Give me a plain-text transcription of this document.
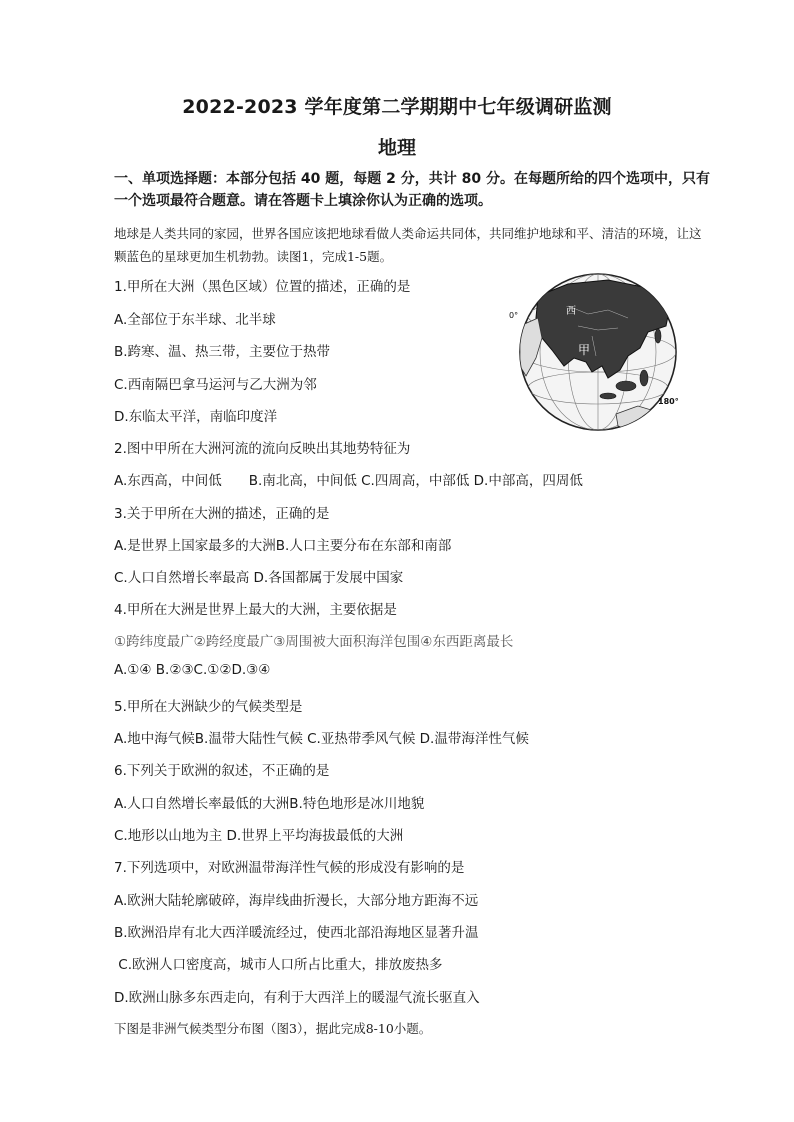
2022-2023 学年度第二学期期中七年级调研监测
地理
一、单项选择题：本部分包括 40 题，每题 2 分，共计 80 分。在每题所给的四个选项中，只有一个选项最符合题意。请在答题卡上填涂你认为正确的选项。
地球是人类共同的家园，世界各国应该把地球看做人类命运共同体，共同维护地球和平、清洁的环境，让这颗蓝色的星球更加生机勃勃。读图1，完成1-5题。
1.甲所在大洲（黑色区域）位置的描述，正确的是
A.全部位于东半球、北半球
B.跨寒、温、热三带，主要位于热带
C.西南隔巴拿马运河与乙大洲为邻
D.东临太平洋，南临印度洋
2.图中甲所在大洲河流的流向反映出其地势特征为
A.东西高，中间低　　B.南北高，中间低 C.四周高，中部低 D.中部高，四周低
3.关于甲所在大洲的描述，正确的是
A.是世界上国家最多的大洲B.人口主要分布在东部和南部
C.人口自然增长率最高 D.各国都属于发展中国家
4.甲所在大洲是世界上最大的大洲，主要依据是
①跨纬度最广②跨经度最广③周围被大面积海洋包围④东西距离最长
A.①④ B.②③C.①②D.③④
5.甲所在大洲缺少的气候类型是
A.地中海气候B.温带大陆性气候 C.亚热带季风气候 D.温带海洋性气候
6.下列关于欧洲的叙述，不正确的是
A.人口自然增长率最低的大洲B.特色地形是冰川地貌
C.地形以山地为主 D.世界上平均海拔最低的大洲
7.下列选项中，对欧洲温带海洋性气候的形成没有影响的是
A.欧洲大陆轮廓破碎，海岸线曲折漫长，大部分地方距海不远
B.欧洲沿岸有北大西洋暖流经过，使西北部沿海地区显著升温
C.欧洲人口密度高，城市人口所占比重大，排放废热多
D.欧洲山脉多东西走向，有利于大西洋上的暖湿气流长驱直入
下图是非洲气候类型分布图（图3），据此完成8-10小题。
西
甲
0°
180°
